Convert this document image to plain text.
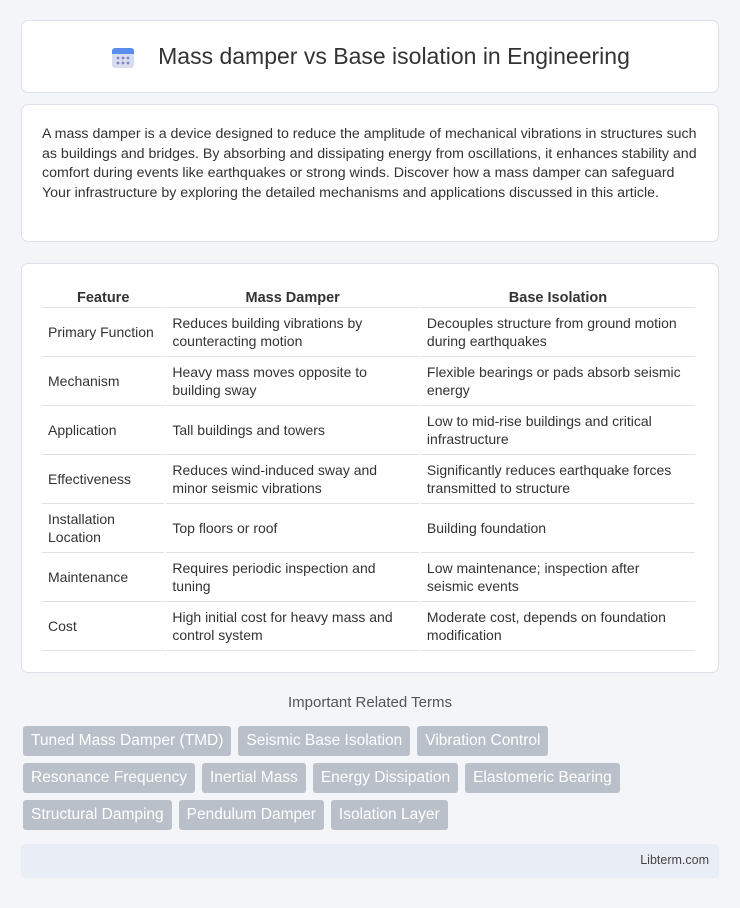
Mass damper vs Base isolation in Engineering

A mass damper is a device designed to reduce the amplitude of mechanical vibrations in structures such as buildings and bridges. By absorbing and dissipating energy from oscillations, it enhances stability and comfort during events like earthquakes or strong winds. Discover how a mass damper can safeguard Your infrastructure by exploring the detailed mechanisms and applications discussed in this article.

Feature	Mass Damper	Base Isolation
Primary Function	Reduces building vibrations by counteracting motion	Decouples structure from ground motion during earthquakes
Mechanism	Heavy mass moves opposite to building sway	Flexible bearings or pads absorb seismic energy
Application	Tall buildings and towers	Low to mid-rise buildings and critical infrastructure
Effectiveness	Reduces wind-induced sway and minor seismic vibrations	Significantly reduces earthquake forces transmitted to structure
Installation Location	Top floors or roof	Building foundation
Maintenance	Requires periodic inspection and tuning	Low maintenance; inspection after seismic events
Cost	High initial cost for heavy mass and control system	Moderate cost, depends on foundation modification
Important Related Terms
Tuned Mass Damper (TMD)	Seismic Base Isolation	Vibration Control
Resonance Frequency	Inertial Mass	Energy Dissipation	Elastomeric Bearing
Structural Damping	Pendulum Damper	Isolation Layer
Libterm.com
